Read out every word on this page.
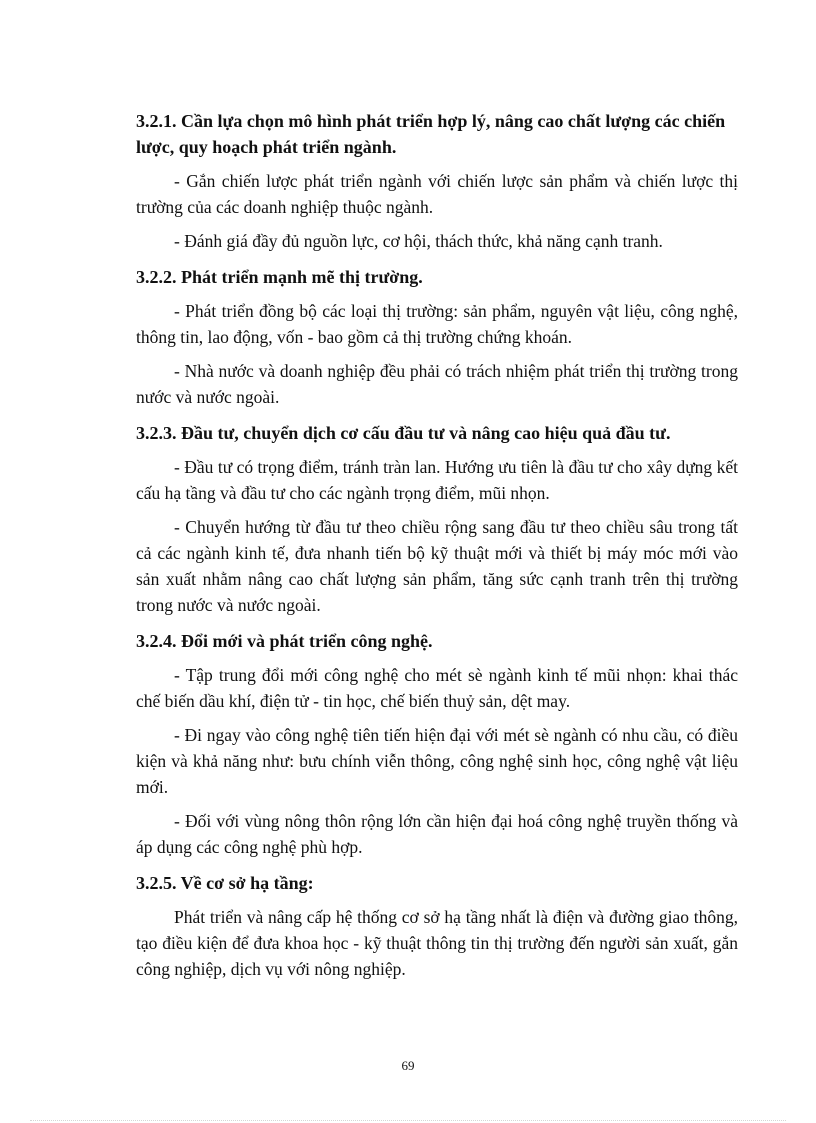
3.2.1. Cần lựa chọn mô hình phát triển hợp lý, nâng cao chất lượng các chiến lược, quy hoạch phát triển ngành.

- Gắn chiến lược phát triển ngành với chiến lược sản phẩm và chiến lược thị trường của các doanh nghiệp thuộc ngành.

- Đánh giá đầy đủ nguồn lực, cơ hội, thách thức, khả năng cạnh tranh.

3.2.2. Phát triển mạnh mẽ thị trường.

- Phát triển đồng bộ các loại thị trường: sản phẩm, nguyên vật liệu, công nghệ, thông tin, lao động, vốn - bao gồm cả thị trường chứng khoán.

- Nhà nước và doanh nghiệp đều phải có trách nhiệm phát triển thị trường trong nước và nước ngoài.

3.2.3. Đầu tư, chuyển dịch cơ cấu đầu tư và nâng cao hiệu quả đầu tư.

- Đầu tư có trọng điểm, tránh tràn lan. Hướng ưu tiên là đầu tư cho xây dựng kết cấu hạ tầng và đầu tư cho các ngành trọng điểm, mũi nhọn.

- Chuyển hướng từ đầu tư theo chiều rộng sang đầu tư theo chiều sâu trong tất cả các ngành kinh tế, đưa nhanh tiến bộ kỹ thuật mới và thiết bị máy móc mới vào sản xuất nhằm nâng cao chất lượng sản phẩm, tăng sức cạnh tranh trên thị trường trong nước và nước ngoài.

3.2.4. Đổi mới và phát triển công nghệ.

- Tập trung đổi mới công nghệ cho mét sè ngành kinh tế mũi nhọn: khai thác chế biến dầu khí, điện tử - tin học, chế biến thuỷ sản, dệt may.

- Đi ngay vào công nghệ tiên tiến hiện đại với mét sè ngành có nhu cầu, có điều kiện và khả năng như: bưu chính viễn thông, công nghệ sinh học, công nghệ vật liệu mới.

- Đối với vùng nông thôn rộng lớn cần hiện đại hoá công nghệ truyền thống và áp dụng các công nghệ phù hợp.

3.2.5. Về cơ sở hạ tầng:

Phát triển và nâng cấp hệ thống cơ sở hạ tầng nhất là điện và đường giao thông, tạo điều kiện để đưa khoa học - kỹ thuật thông tin thị trường đến người sản xuất, gắn công nghiệp, dịch vụ với nông nghiệp.

69
